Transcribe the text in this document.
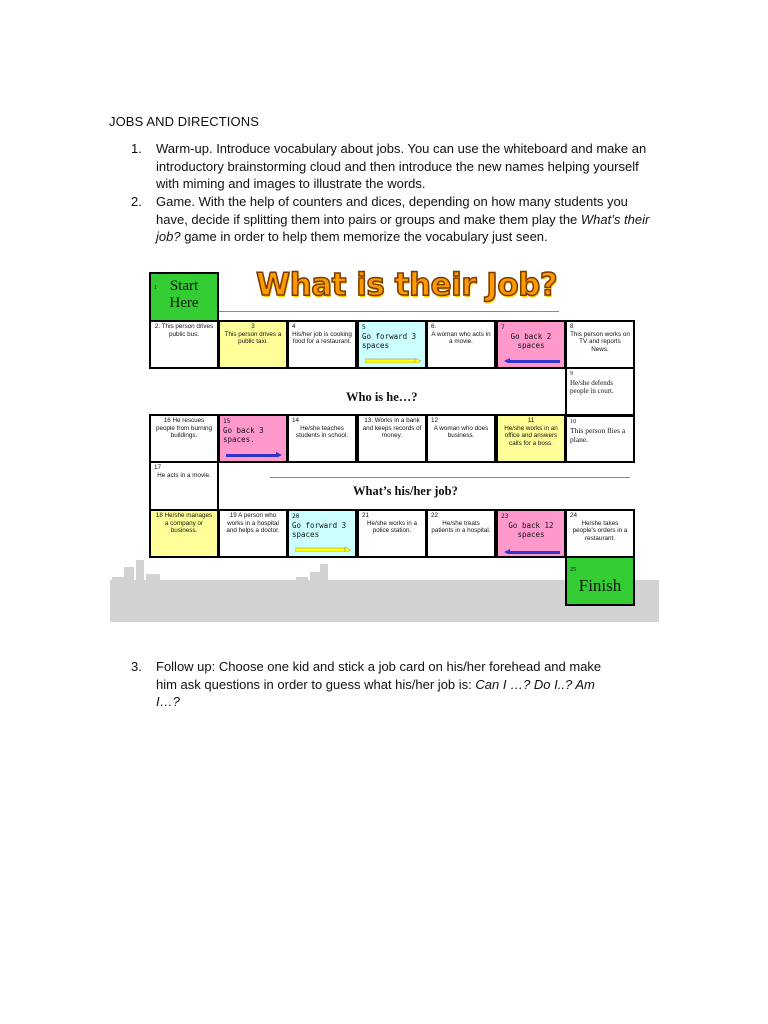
JOBS AND DIRECTIONS
1. Warm-up. Introduce vocabulary about jobs. You can use the whiteboard and make an introductory brainstorming cloud and then introduce the new names helping yourself with miming and images to illustrate the words.
2. Game. With the help of counters and dices, depending on how many students you have, decide if splitting them into pairs or groups and make them play the What’s their job? game in order to help them memorize the vocabulary just seen.
3. Follow up: Choose one kid and stick a job card on his/her forehead and make him ask questions in order to guess what his/her job is: Can I …? Do I..? Am I…?
What is their Job?
1 Start Here
2. This person drives public bus.
3
This person drives a public taxi.
4
His/her job is cooking food for a restaurant.
5
Go forward 3 spaces
6.
A woman who acts in a movie.
7
Go back 2 spaces
8
This person works on TV and reports News.
9
He/she defends people in court.
Who is he…?
16 He rescues people from burning buildings.
15
Go back 3 spaces.
14
He/she teaches students in school.
13. Works in a bank and keeps records of money.
12
A woman who does business.
11
He/she works in an office and answers calls for a boss.
10
This person flies a plane.
17
He acts in a movie.
What’s his/her job?
18 He/she manages a company or business.
19 A person who works in a hospital and helps a doctor.
20
Go forward 3 spaces
21
He/she works in a police station.
22
He/she treats patients in a hospital.
23
Go back 12 spaces
24
He/she takes people's orders in a restaurant.
25
Finish
